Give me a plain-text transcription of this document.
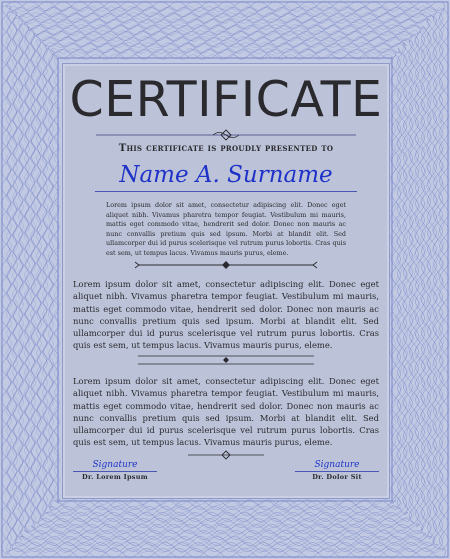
CERTIFICATE
This certificate is proudly presented to
Name A. Surname
Lorem ipsum dolor sit amet, consectetur adipiscing elit. Donec eget aliquet nibh. Vivamus pharetra tempor feugiat. Vestibulum mi mauris, mattis eget commodo vitae, hendrerit sed dolor. Donec non mauris ac nunc convallis pretium quis sed ipsum. Morbi at blandit elit. Sed ullamcorper dui id purus scelerisque vel rutrum purus lobortis. Cras quis est sem, ut tempus lacus. Vivamus mauris purus, eleme.
Lorem ipsum dolor sit amet, consectetur adipiscing elit. Donec eget aliquet nibh. Vivamus pharetra tempor feugiat. Vestibulum mi mauris, mattis eget commodo vitae, hendrerit sed dolor. Donec non mauris ac nunc convallis pretium quis sed ipsum. Morbi at blandit elit. Sed ullamcorper dui id purus scelerisque vel rutrum purus lobortis. Cras quis est sem, ut tempus lacus. Vivamus mauris purus, eleme.
Lorem ipsum dolor sit amet, consectetur adipiscing elit. Donec eget aliquet nibh. Vivamus pharetra tempor feugiat. Vestibulum mi mauris, mattis eget commodo vitae, hendrerit sed dolor. Donec non mauris ac nunc convallis pretium quis sed ipsum. Morbi at blandit elit. Sed ullamcorper dui id purus scelerisque vel rutrum purus lobortis. Cras quis est sem, ut tempus lacus. Vivamus mauris purus, eleme.
Signature
Dr. Lorem Ipsum
Signature
Dr. Dolor Sit
